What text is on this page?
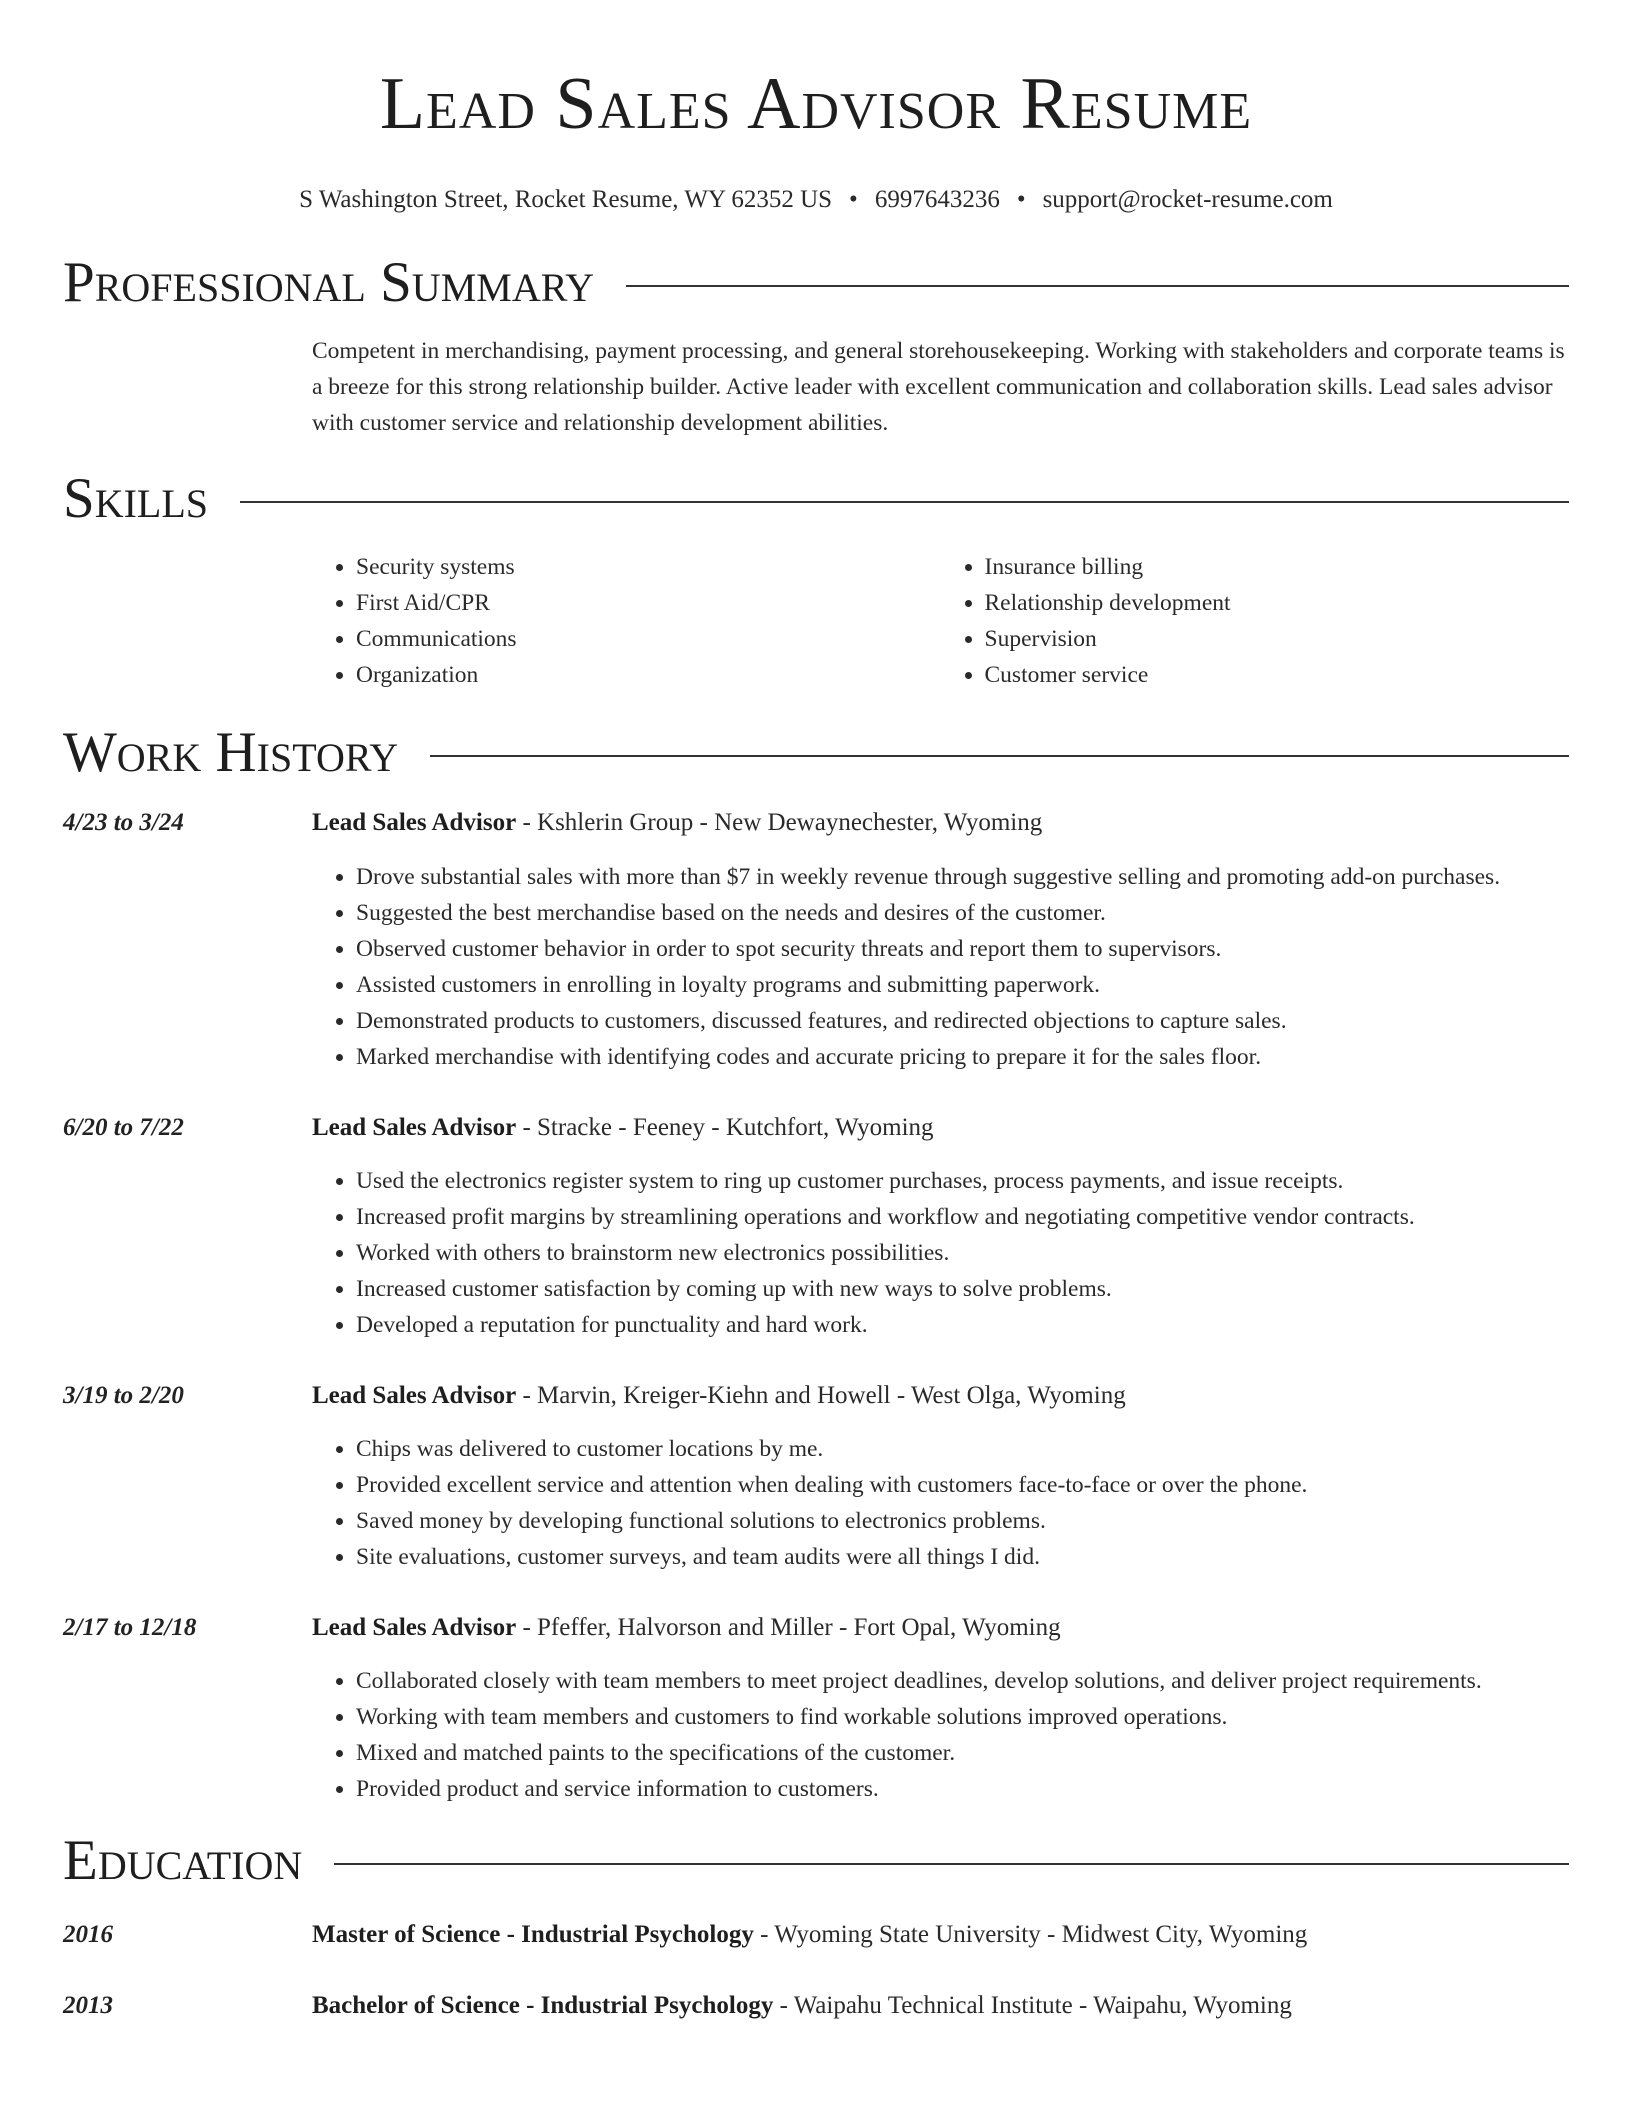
Lead Sales Advisor Resume
S Washington Street, Rocket Resume, WY 62352 US • 6997643236 • support@rocket-resume.com
Professional Summary

Competent in merchandising, payment processing, and general storehousekeeping. Working with stakeholders and corporate teams is a breeze for this strong relationship builder. Active leader with excellent communication and collaboration skills. Lead sales advisor with customer service and relationship development abilities.

Skills
• Security systems
• First Aid/CPR
• Communications
• Organization
• Insurance billing
• Relationship development
• Supervision
• Customer service
Work History
4/23 to 3/24	Lead Sales Advisor - Kshlerin Group - New Dewaynechester, Wyoming
• Drove substantial sales with more than $7 in weekly revenue through suggestive selling and promoting add-on purchases.
• Suggested the best merchandise based on the needs and desires of the customer.
• Observed customer behavior in order to spot security threats and report them to supervisors.
• Assisted customers in enrolling in loyalty programs and submitting paperwork.
• Demonstrated products to customers, discussed features, and redirected objections to capture sales.
• Marked merchandise with identifying codes and accurate pricing to prepare it for the sales floor.
6/20 to 7/22	Lead Sales Advisor - Stracke - Feeney - Kutchfort, Wyoming
• Used the electronics register system to ring up customer purchases, process payments, and issue receipts.
• Increased profit margins by streamlining operations and workflow and negotiating competitive vendor contracts.
• Worked with others to brainstorm new electronics possibilities.
• Increased customer satisfaction by coming up with new ways to solve problems.
• Developed a reputation for punctuality and hard work.
3/19 to 2/20	Lead Sales Advisor - Marvin, Kreiger-Kiehn and Howell - West Olga, Wyoming
• Chips was delivered to customer locations by me.
• Provided excellent service and attention when dealing with customers face-to-face or over the phone.
• Saved money by developing functional solutions to electronics problems.
• Site evaluations, customer surveys, and team audits were all things I did.
2/17 to 12/18	Lead Sales Advisor - Pfeffer, Halvorson and Miller - Fort Opal, Wyoming
• Collaborated closely with team members to meet project deadlines, develop solutions, and deliver project requirements.
• Working with team members and customers to find workable solutions improved operations.
• Mixed and matched paints to the specifications of the customer.
• Provided product and service information to customers.
Education
2016	Master of Science - Industrial Psychology - Wyoming State University - Midwest City, Wyoming
2013	Bachelor of Science - Industrial Psychology - Waipahu Technical Institute - Waipahu, Wyoming
